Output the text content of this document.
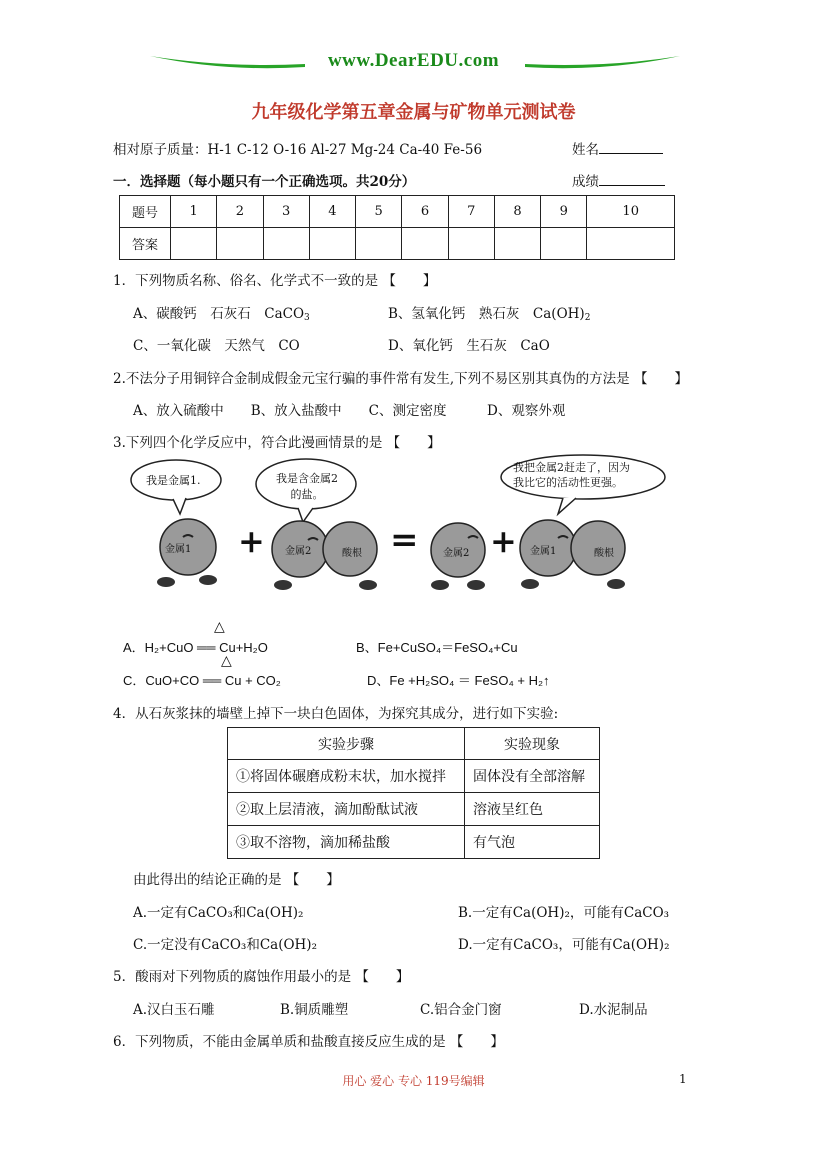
www.DearEDU.com
九年级化学第五章金属与矿物单元测试卷
相对原子质量：H-1 C-12 O-16 Al-27 Mg-24 Ca-40 Fe-56	姓名
一．选择题（每小题只有一个正确选项。共20分）	成绩
题号	1	2	3	4	5	6	7	8	9	10
答案										
1．下列物质名称、俗名、化学式不一致的是 【　　】
A、碳酸钙　石灰石　CaCO$_3$	B、氢氧化钙　熟石灰　$Ca(OH)_2$
C、一氧化碳　天然气　CO	D、氧化钙　生石灰　CaO
2.不法分子用铜锌合金制成假金元宝行骗的事件常有发生,下列不易区别其真伪的方法是 【　　】
A、放入硫酸中　　B、放入盐酸中　　C、测定密度　　　D、观察外观
3.下列四个化学反应中，符合此漫画情景的是 【　　】
我是金属1.	我是含金属2
的盐。
我把金属2赶走了，因为
我比它的活动性更强。
金属1	金属2	酸根	金属2	金属1	酸根
+	= +
△
A．H₂+CuO ══ Cu+H₂O	B、Fe+CuSO₄＝FeSO₄+Cu
△
C．CuO+CO ══ Cu + CO₂	D、Fe +H₂SO₄ ＝ FeSO₄ + H₂↑
4．从石灰浆抹的墙壁上掉下一块白色固体，为探究其成分，进行如下实验:
实验步骤	实验现象
①将固体碾磨成粉末状，加水搅拌	固体没有全部溶解
②取上层清液，滴加酚酞试液	溶液呈红色
③取不溶物，滴加稀盐酸	有气泡
由此得出的结论正确的是 【　　】
A.一定有CaCO₃和Ca(OH)₂	B.一定有Ca(OH)₂，可能有CaCO₃
C.一定没有CaCO₃和Ca(OH)₂	D.一定有CaCO₃，可能有Ca(OH)₂
5．酸雨对下列物质的腐蚀作用最小的是 【　　】
A.汉白玉石雕	B.铜质雕塑	C.铝合金门窗	D.水泥制品
6．下列物质，不能由金属单质和盐酸直接反应生成的是 【　　】
用心 爱心 专心 119号编辑	1
